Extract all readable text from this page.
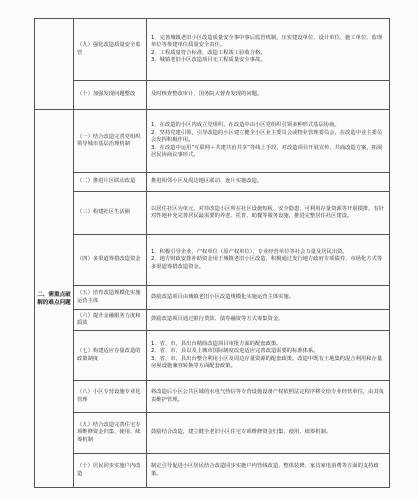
	（九）强化改造质量安全监管	1．完善城镇老旧小区改造质量安全事中事后监管机制，压实建设单位、设计单位、施工单位、监理单位等参建单位质量安全责任。
2．工程质量符合标准，改造工程竣工验收合格。
3．城镇老旧小区改造项目无工程质量安全事故。

	（十）加强发现问题整改	及时核查整改审计、国务院大督查发现的问题。

二、需重点破解的难点问题	（一）结合改造完善党组织领导城市基层治理机制	1．在改造的小区内成立党组织，在改造中由小区党组织引领多种形式基层协商。
2．坚持党建引领，引导改造的小区建立健全小区业主委员会或物业管理委员会，在改造中业主委员会发挥积极作用。
3．在改造中运用“互联网＋共建共治共享”等线上手段，对改造项目开展宣传、共商改造方案，拓展居民协商议事形式。

	（二）推进片区联动改造	推进相邻小区及周边地区联动、连片实施改造。

	（三）构建社区生活圈	以居住社区为单元，对待改造小区所在社区设施短板、安全隐患、可利用存量资源等开展摸排，有针对性地补充完善居民最需要的养老、托育、助餐等服务设施，推进完整居住社区建设。

	（四）多渠道筹措改造资金	1．积极引导企业、产权单位（原产权单位）、专业经营单位等社会力量及居民出资。
2．地方财政安排补助资金用于城镇老旧小区改造，积极通过发行地方政府专项债券、市场化方式等多渠道筹措改造资金。

	（五）培育改造规模化实施运营主体	鼓励改造项目由城镇老旧小区改造规模化实施运营主体实施。

	（六）提升金融服务力度和质效	鼓励改造项目通过银行贷款、债券融资等方式筹集资金。

	（七）构建适应存量改造的政策制度	1．省、市、县出台精简改造项目审批方面的配套政策。
2．省、市、县以及上城市国际制度改进适应完善改造需要的标准体系。
3．省、市、县出台整合利用小区及周边存量资源的配套政策。改造中既有土地集约混合利用和存量房屋设施兼容转换等方面配套政策。

	（八）小区专营设施专业化管理	将改造后小区公共区域的水电气热信等专营设施设备产权依照法定程序移交给专业经营单位，由其负责维护管理。

	（九）结合改造完善住宅专项维修资金归集、使用、续筹机制	鼓励结合改造，建立健全老旧小区住宅专项维修资金归集、使用、续筹机制。

	（十）居民同步实施户内改造	制定引导促进小区居民结合改造同步实施户内管线改造、整体装修、家具家电消费等方面的支持政策。
